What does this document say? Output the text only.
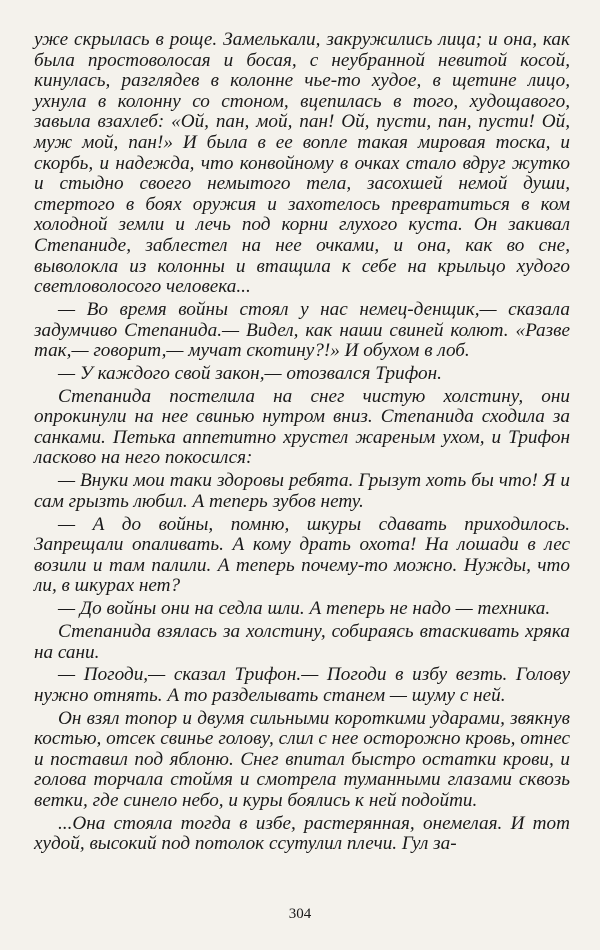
уже скрылась в роще. Замелькали, закружились лица; и она, как была простоволосая и босая, с неубранной невитой косой, кинулась, разглядев в колонне чье-то худое, в щетине лицо, ухнула в колонну со стоном, вцепилась в того, худощавого, завыла взахлеб: «Ой, пан, мой, пан! Ой, пусти, пан, пусти! Ой, муж мой, пан!» И была в ее вопле такая мировая тоска, и скорбь, и надежда, что конвойному в очках стало вдруг жутко и стыдно своего немытого тела, засохшей немой души, стертого в боях оружия и захотелось превратиться в ком холодной земли и лечь под корни глухого куста. Он закивал Степаниде, заблестел на нее очками, и она, как во сне, выволокла из колонны и втащила к себе на крыльцо худого светловолосого человека...

— Во время войны стоял у нас немец-денщик,— сказала задумчиво Степанида.— Видел, как наши свиней колют. «Разве так,— говорит,— мучат скотину?!» И обухом в лоб.

— У каждого свой закон,— отозвался Трифон.

Степанида постелила на снег чистую холстину, они опрокинули на нее свинью нутром вниз. Степанида сходила за санками. Петька аппетитно хрустел жареным ухом, и Трифон ласково на него покосился:

— Внуки мои таки здоровы ребята. Грызут хоть бы что! Я и сам грызть любил. А теперь зубов нету.

— А до войны, помню, шкуры сдавать приходилось. Запрещали опаливать. А кому драть охота! На лошади в лес возили и там палили. А теперь почему-то можно. Нужды, что ли, в шкурах нет?

— До войны они на седла шли. А теперь не надо — техника.

Степанида взялась за холстину, собираясь втаскивать хряка на сани.

— Погоди,— сказал Трифон.— Погоди в избу везть. Голову нужно отнять. А то разделывать станем — шуму с ней.

Он взял топор и двумя сильными короткими ударами, звякнув костью, отсек свинье голову, слил с нее осторожно кровь, отнес и поставил под яблоню. Снег впитал быстро остатки крови, и голова торчала стоймя и смотрела туманными глазами сквозь ветки, где синело небо, и куры боялись к ней подойти.

...Она стояла тогда в избе, растерянная, онемелая. И тот худой, высокий под потолок ссутулил плечи. Гул за-

304
